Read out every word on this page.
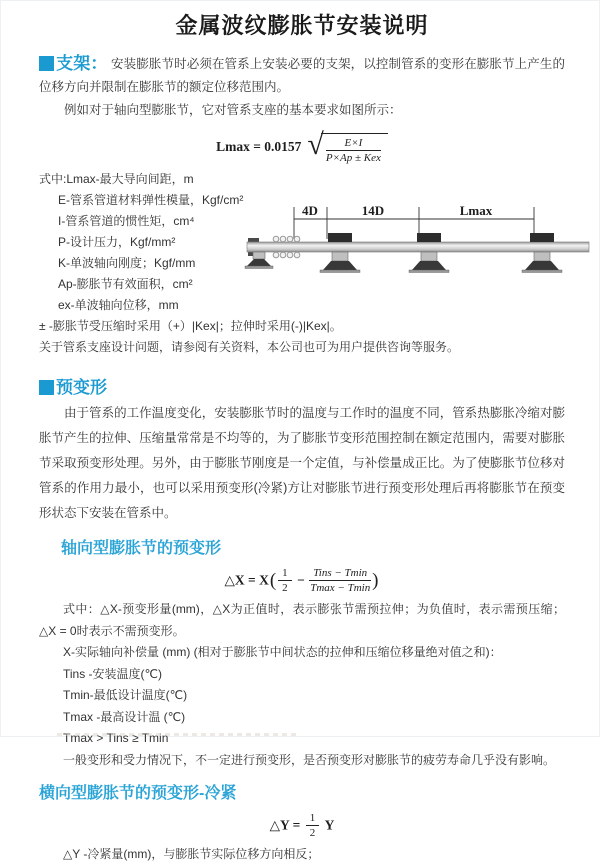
金属波纹膨胀节安装说明

支架： 安装膨胀节时必须在管系上安装必要的支架，以控制管系的变形在膨胀节上产生的位移方向并限制在膨胀节的额定位移范围内。

例如对于轴向型膨胀节，它对管系支座的基本要求如图所示：

Lmax = 0.0157 √ $\frac{E\times I}{\text{P×Ap ± Kex}}$

式中:Lmax-最大导向间距，m

E-管系管道材料弹性模量，Kgf/cm²

I-管系管道的惯性矩，cm⁴

P-设计压力，Kgf/mm²

K-单波轴向刚度；Kgf/mm

Ap-膨胀节有效面积，cm²

ex-单波轴向位移，mm

4D	14D	Lmax

± -膨胀节受压缩时采用（+）|Kex|；拉伸时采用(-)|Kex|。

关于管系支座设计问题，请参阅有关资料，本公司也可为用户提供咨询等服务。

预变形

由于管系的工作温度变化，安装膨胀节时的温度与工作时的温度不同，管系热膨胀冷缩对膨胀节产生的拉伸、压缩量常常是不均等的，为了膨胀节变形范围控制在额定范围内，需要对膨胀节采取预变形处理。另外，由于膨胀节刚度是一个定值，与补偿量成正比。为了使膨胀节位移对管系的作用力最小，也可以采用预变形(冷紧)方让对膨胀节进行预变形处理后再将膨胀节在预变形状态下安装在管系中。

轴向型膨胀节的预变形
△X = $X( \frac{1}{2} - \frac{\text{Tins − Tmin}}{Tmax - Tmin}$ )

式中：△X-预变形量(mm)，△X为正值时，表示膨张节需预拉伸；为负值时，表示需预压缩；△X = 0时表示不需预变形。

X-实际轴向补偿量 (mm) (相对于膨胀节中间状态的拉伸和压缩位移量绝对值之和)：

Tins -安装温度(℃)

Tmin-最低设计温度(℃)

Tmax -最高设计温 (℃)

Tmax > Tins ≥ Tmin

一般变形和受力情况下，不一定进行预变形，是否预变形对膨胀节的疲劳寿命几乎没有影响。

横向型膨胀节的预变形-冷紧
△Y = $\frac{1}{2}$ Y

△Y -冷紧量(mm)，与膨胀节实际位移方向相反；
